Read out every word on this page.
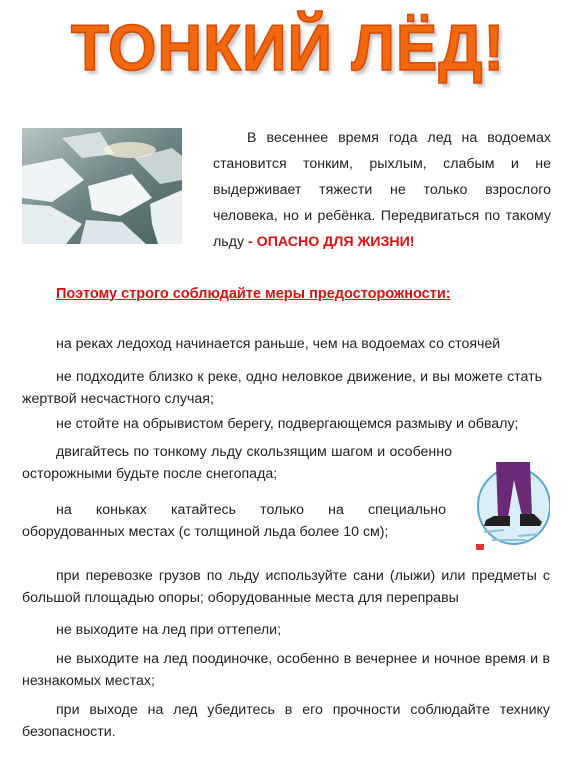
ТОНКИЙ ЛЁД!

В весеннее время года лед на водоемах становится тонким, рыхлым, слабым и не выдерживает тяжести не только взрослого человека, но и ребёнка. Передвигаться по такому льду - ОПАСНО ДЛЯ ЖИЗНИ!

Поэтому строго соблюдайте меры предосторожности:

на реках ледоход начинается раньше, чем на водоемах со стоячей

не подходите близко к реке, одно неловкое движение, и вы можете стать жертвой несчастного случая;

не стойте на обрывистом берегу, подвергающемся размыву и обвалу;

двигайтесь по тонкому льду скользящим шагом и особенно осторожными будьте после снегопада;

на коньках катайтесь только на специально оборудованных местах (с толщиной льда более 10 см);

при перевозке грузов по льду используйте сани (лыжи) или предметы с большой площадью опоры; оборудованные места для переправы

не выходите на лед при оттепели;

не выходите на лед поодиночке, особенно в вечернее и ночное время и в незнакомых местах;

при выходе на лед убедитесь в его прочности соблюдайте технику безопасности.
